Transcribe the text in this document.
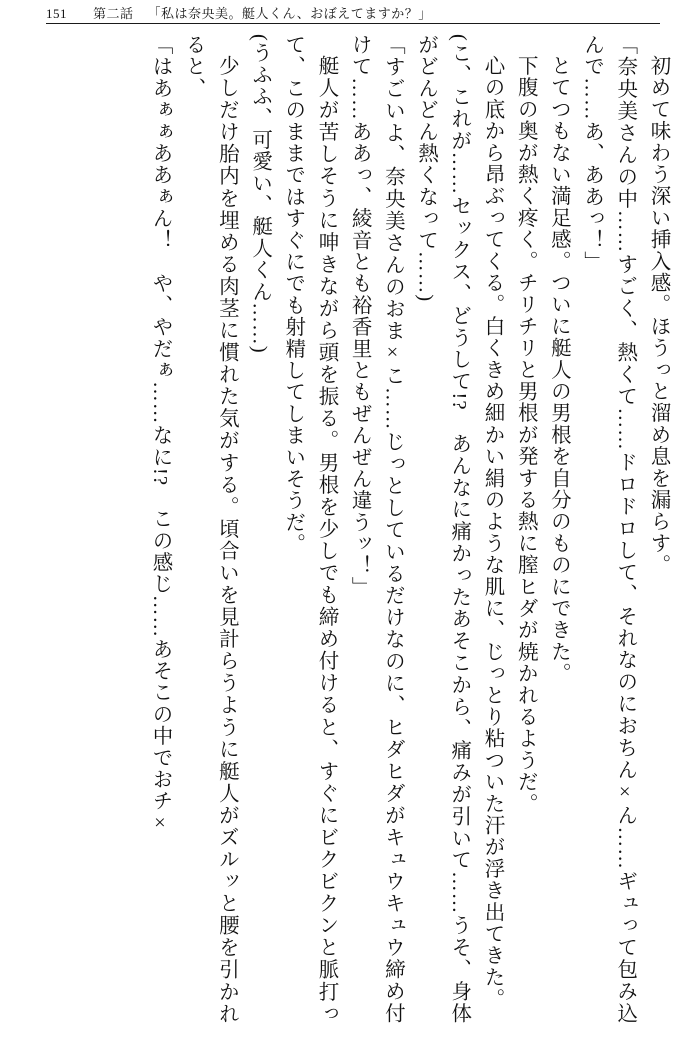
151 第二話 「私は奈央美。艇人くん、おぼえてますか？」

初めて味わう深い挿入感。ほうっと溜め息を漏らす。

「奈央美さんの中……すごく、熱くて……ドロドロして、それなのにおちん×ん……ギュって包み込んで……あ、ああっ！」

とてつもない満足感。ついに艇人の男根を自分のものにできた。

下腹の奥が熱く疼く。チリチリと男根が発する熱に膣ヒダが焼かれるようだ。

心の底から昂ぶってくる。白くきめ細かい絹のような肌に、じっとり粘ついた汗が浮き出てきた。

(こ、これが……セックス、どうして!?　あんなに痛かったあそこから、痛みが引いて……うそ、身体がどんどん熱くなって……)

「すごいよ、奈央美さんのおま×こ……じっとしているだけなのに、ヒダヒダがキュウキュウ締め付けて……ああっ、綾音とも裕香里ともぜんぜん違うッ！」

艇人が苦しそうに呻きながら頭を振る。男根を少しでも締め付けると、すぐにビクビクンと脈打って、このままではすぐにでも射精してしまいそうだ。

(うふふ、可愛い、艇人くん……)

少しだけ胎内を埋める肉茎に慣れた気がする。頃合いを見計らうように艇人がズルッと腰を引かれると、

「はあぁぁああぁん！　や、やだぁ……なに!?　この感じ……あそこの中でおチ×
